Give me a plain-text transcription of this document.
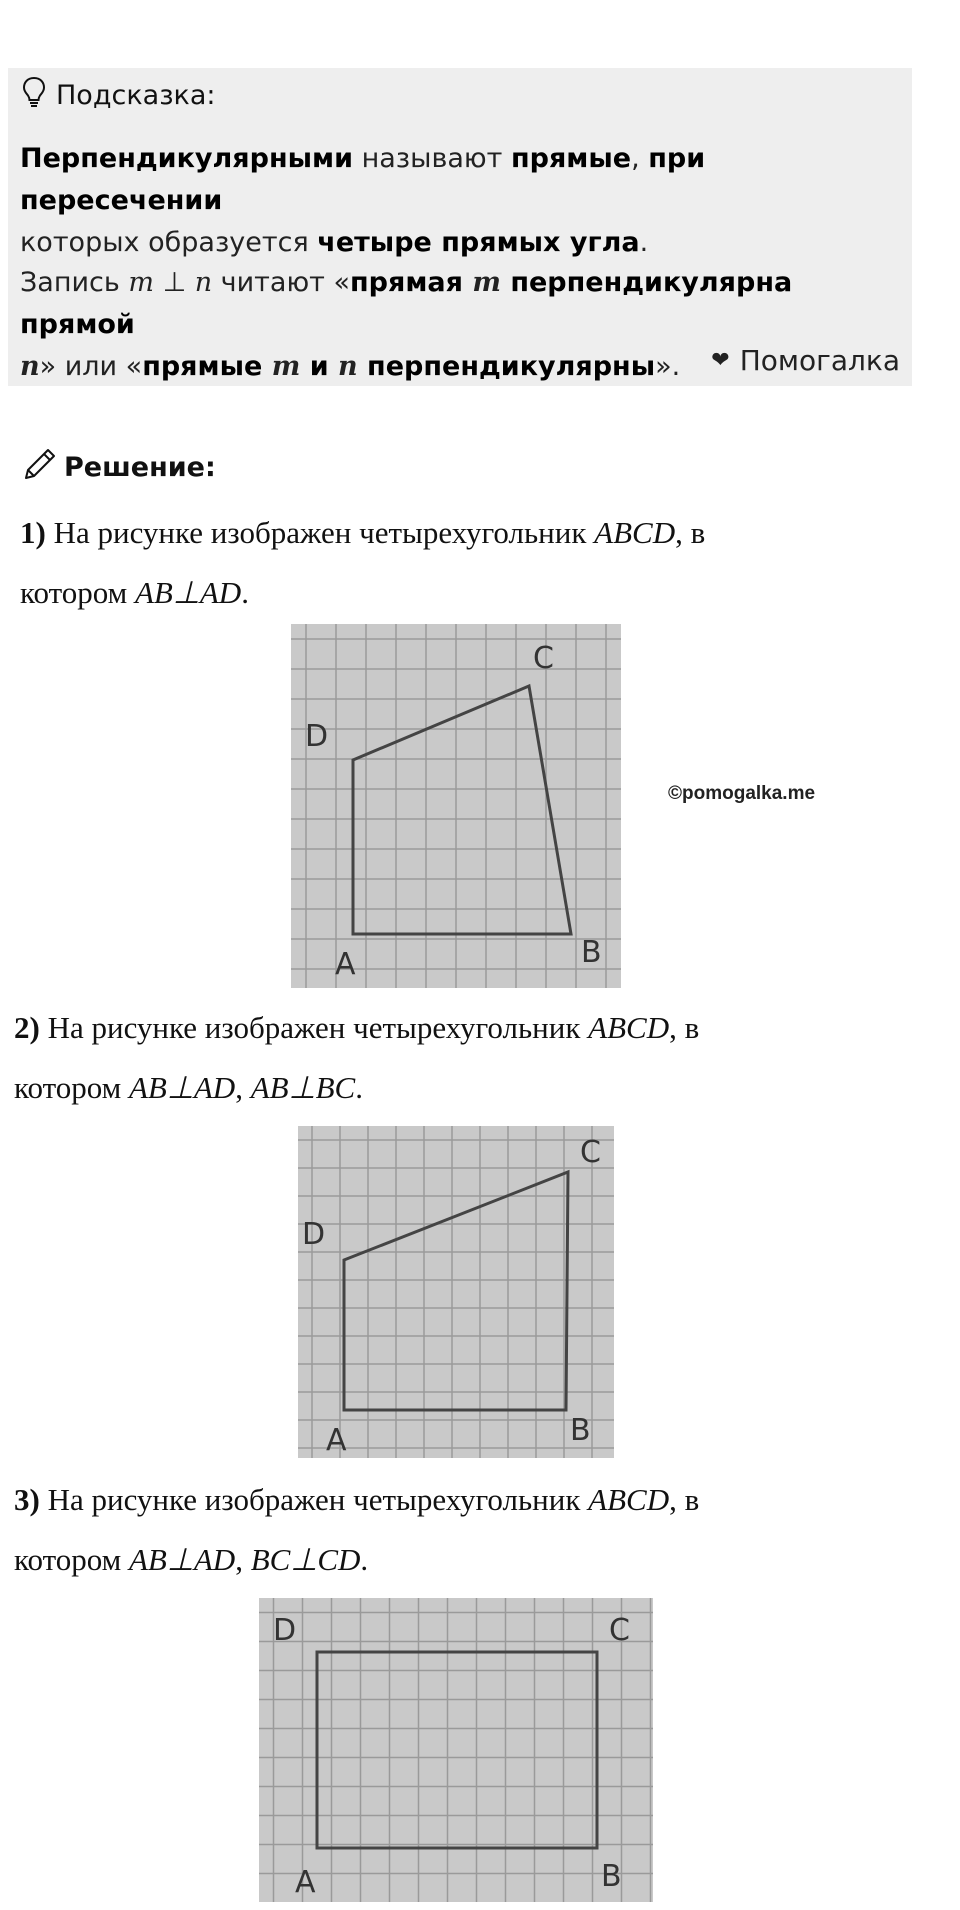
Подсказка:
Перпендикулярными называют прямые, при пересечении
которых образуется четыре прямых угла.
Запись m ⊥ n читают «прямая m перпендикулярна прямой
n» или «прямые m и n перпендикулярны».	❤ Помогалка
Решение:
1) На рисунке изображен четырехугольник ABCD, в
котором AB⊥AD.
A	B
C
D
©pomogalka.me
2) На рисунке изображен четырехугольник ABCD, в
котором AB⊥AD, AB⊥BC.
A	B
C
D
3) На рисунке изображен четырехугольник ABCD, в
котором AB⊥AD, BC⊥CD.
A	B
C
D
